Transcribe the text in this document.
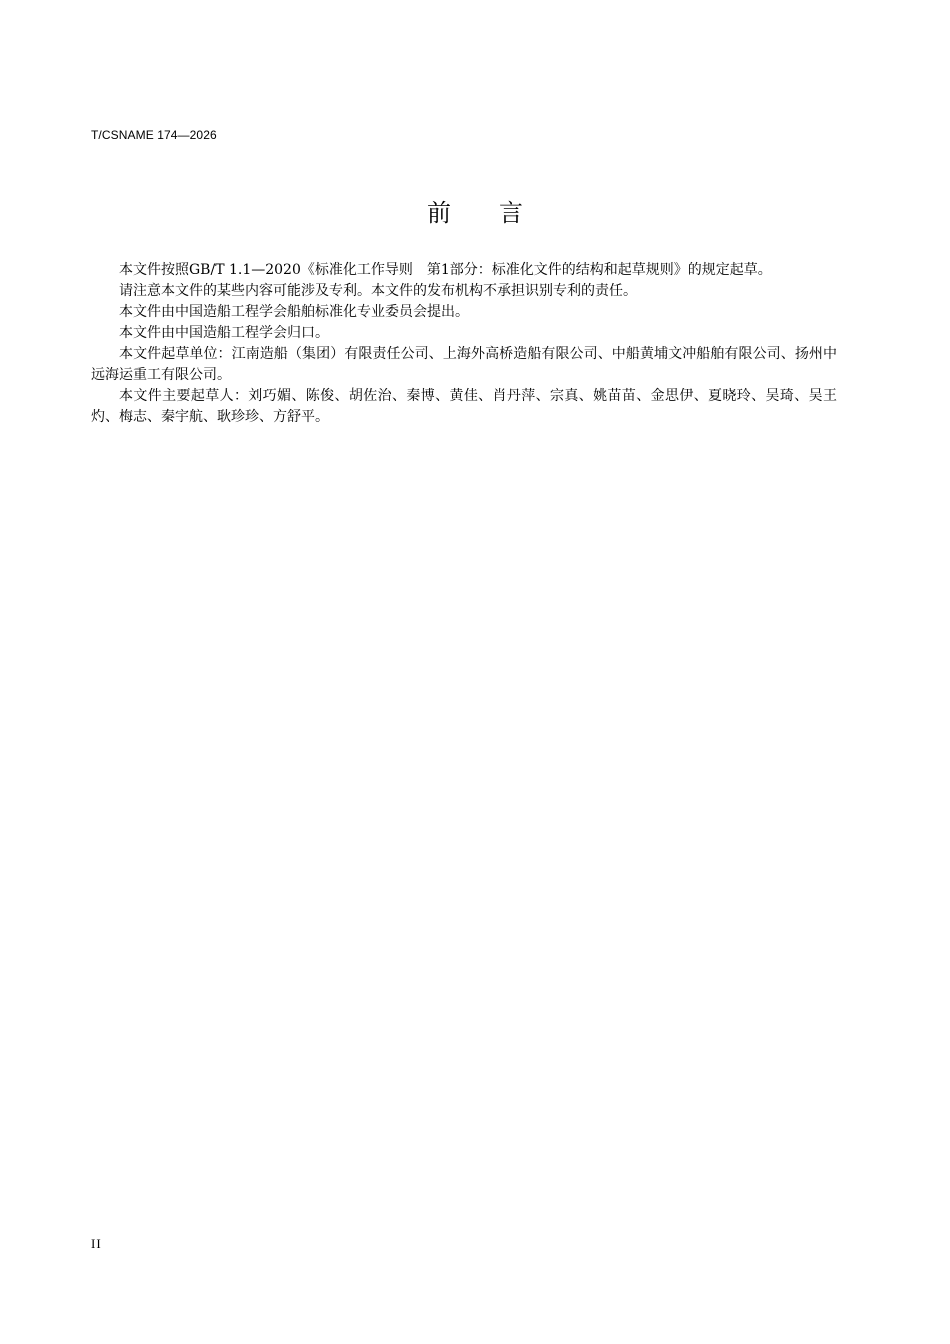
T/CSNAME 174—2026
前 言

本文件按照GB/T 1.1—2020《标准化工作导则　第1部分：标准化文件的结构和起草规则》的规定起草。

请注意本文件的某些内容可能涉及专利。本文件的发布机构不承担识别专利的责任。

本文件由中国造船工程学会船舶标准化专业委员会提出。

本文件由中国造船工程学会归口。

本文件起草单位：江南造船（集团）有限责任公司、上海外高桥造船有限公司、中船黄埔文冲船舶有限公司、扬州中远海运重工有限公司。

本文件主要起草人：刘巧媚、陈俊、胡佐治、秦博、黄佳、肖丹萍、宗真、姚苗苗、金思伊、夏晓玲、吴琦、吴王灼、梅志、秦宇航、耿珍珍、方舒平。

II
